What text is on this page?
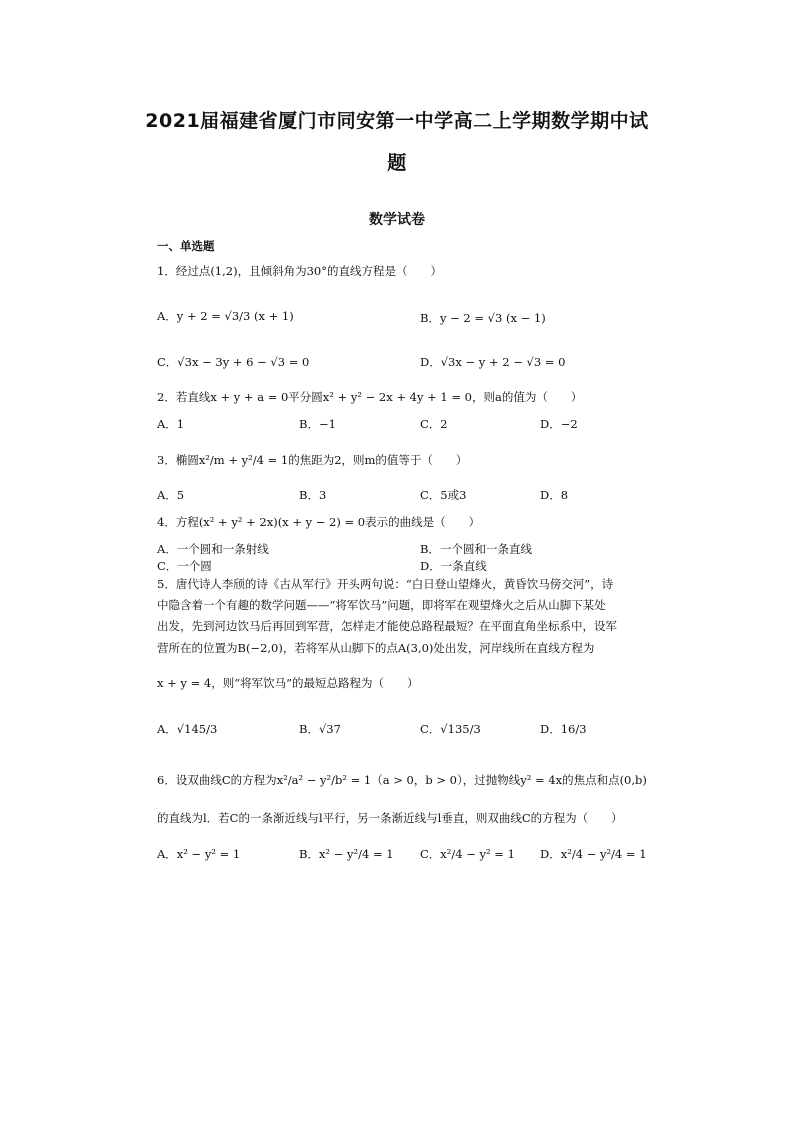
2021届福建省厦门市同安第一中学高二上学期数学期中试
题
数学试卷
一、单选题
1．经过点(1,2)，且倾斜角为30°的直线方程是（　　）
A．y + 2 = √3/3 (x + 1)	B．y − 2 = √3 (x − 1)
C．√3x − 3y + 6 − √3 = 0	D．√3x − y + 2 − √3 = 0
2．若直线x + y + a = 0平分圆x² + y² − 2x + 4y + 1 = 0，则a的值为（　　）
A．1	B．−1	C．2	D．−2
3．椭圆x²/m + y²/4 = 1的焦距为2，则m的值等于（　　）
A．5	B．3	C．5或3	D．8
4．方程(x² + y² + 2x)(x + y − 2) = 0表示的曲线是（　　）
A．一个圆和一条射线	B．一个圆和一条直线
C．一个圆	D．一条直线
5．唐代诗人李颀的诗《古从军行》开头两句说：“白日登山望烽火，黄昏饮马傍交河”，诗
中隐含着一个有趣的数学问题——“将军饮马”问题，即将军在观望烽火之后从山脚下某处
出发，先到河边饮马后再回到军营，怎样走才能使总路程最短？在平面直角坐标系中，设军
营所在的位置为B(−2,0)，若将军从山脚下的点A(3,0)处出发，河岸线所在直线方程为
x + y = 4，则“将军饮马”的最短总路程为（　　）
A．√145/3	B．√37	C．√135/3	D．16/3
6．设双曲线C的方程为x²/a² − y²/b² = 1（a > 0，b > 0），过抛物线y² = 4x的焦点和点(0,b)
的直线为l．若C的一条渐近线与l平行，另一条渐近线与l垂直，则双曲线C的方程为（　　）
A．x² − y² = 1	B．x² − y²/4 = 1 C．x²/4 − y² = 1 D．x²/4 − y²/4 = 1
